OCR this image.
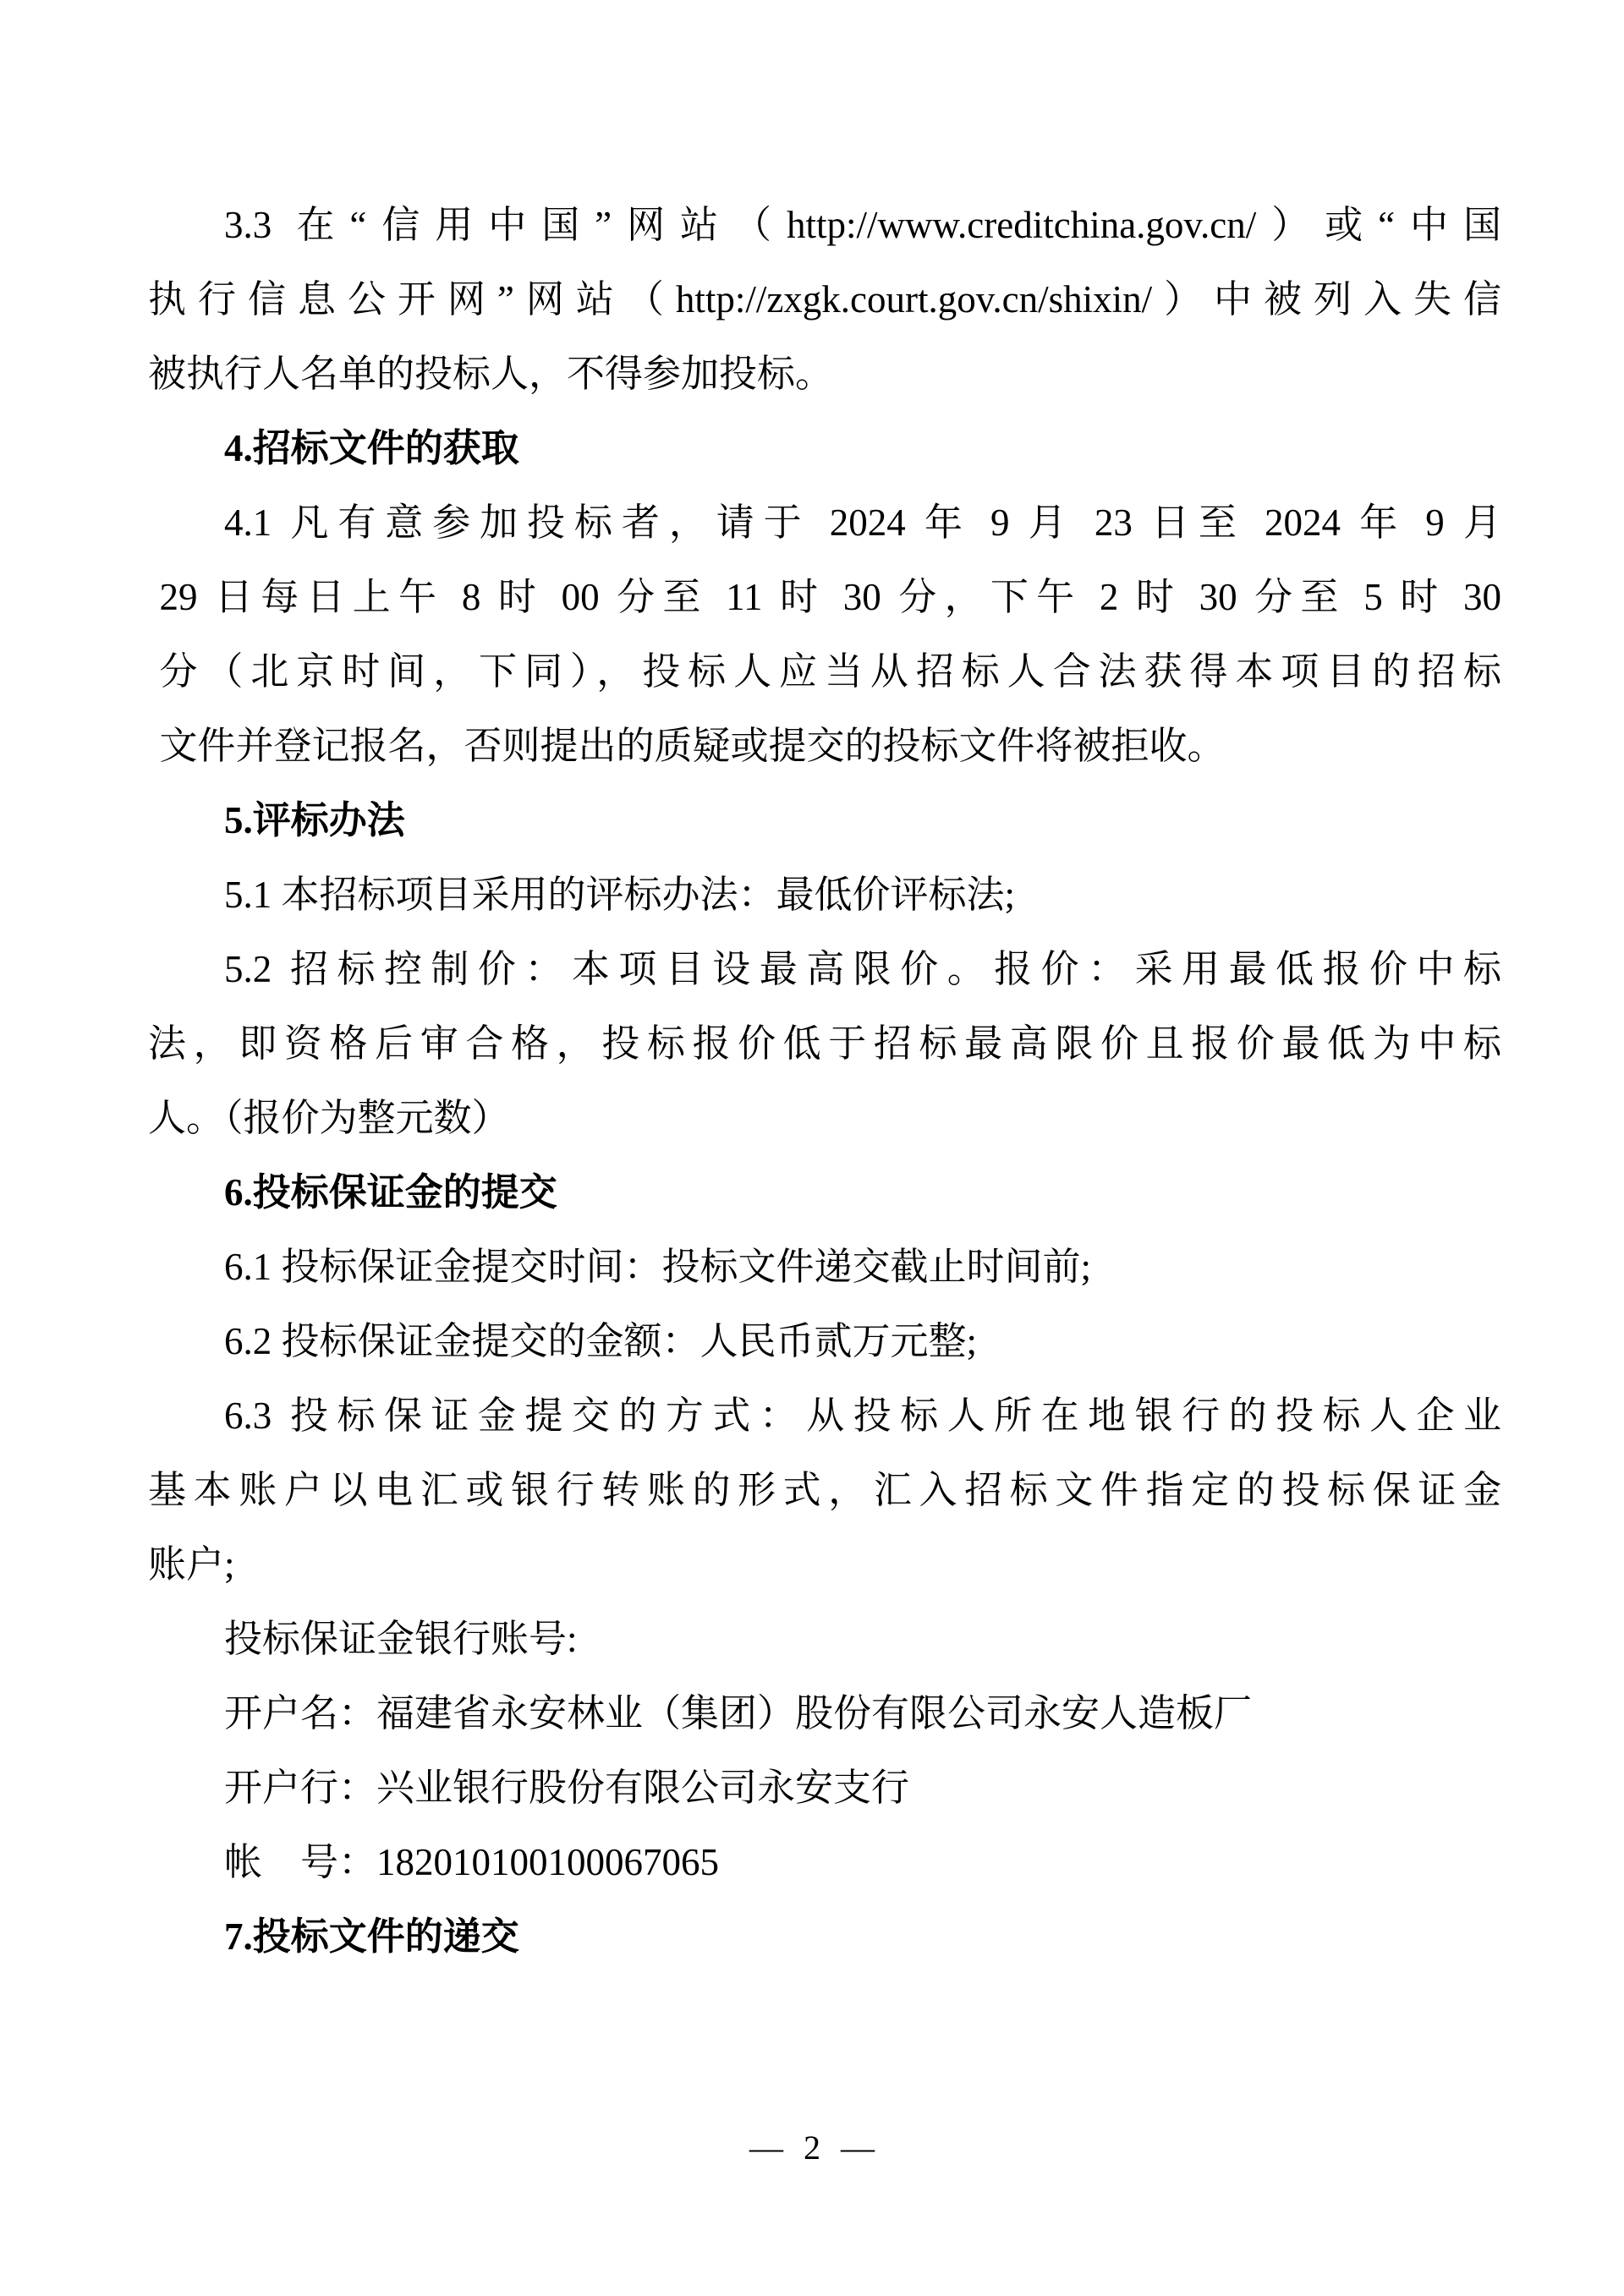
3.3 在“信用中国”网站（http://www.creditchina.gov.cn/）或“中国
执行信息公开网”网站（http://zxgk.court.gov.cn/shixin/）中被列入失信
被执行人名单的投标人，不得参加投标。
4.招标文件的获取
4.1 凡有意参加投标者，请于 2024 年 9 月 23 日至 2024 年 9 月
29 日每日上午 8 时 00 分至 11 时 30 分，下午 2 时 30 分至 5 时 30
分（北京时间，下同），投标人应当从招标人合法获得本项目的招标
文件并登记报名，否则提出的质疑或提交的投标文件将被拒收。
5.评标办法
5.1 本招标项目采用的评标办法：最低价评标法;
5.2 招标控制价：本项目设最高限价。报价：采用最低报价中标
法，即资格后审合格，投标报价低于招标最高限价且报价最低为中标
人。（报价为整元数）
6.投标保证金的提交
6.1 投标保证金提交时间：投标文件递交截止时间前;
6.2 投标保证金提交的金额：人民币贰万元整;
6.3 投标保证金提交的方式：从投标人所在地银行的投标人企业
基本账户以电汇或银行转账的形式，汇入招标文件指定的投标保证金
账户;
投标保证金银行账号:
开户名：福建省永安林业（集团）股份有限公司永安人造板厂
开户行：兴业银行股份有限公司永安支行
帐　号：182010100100067065
7.投标文件的递交
— 2 —
